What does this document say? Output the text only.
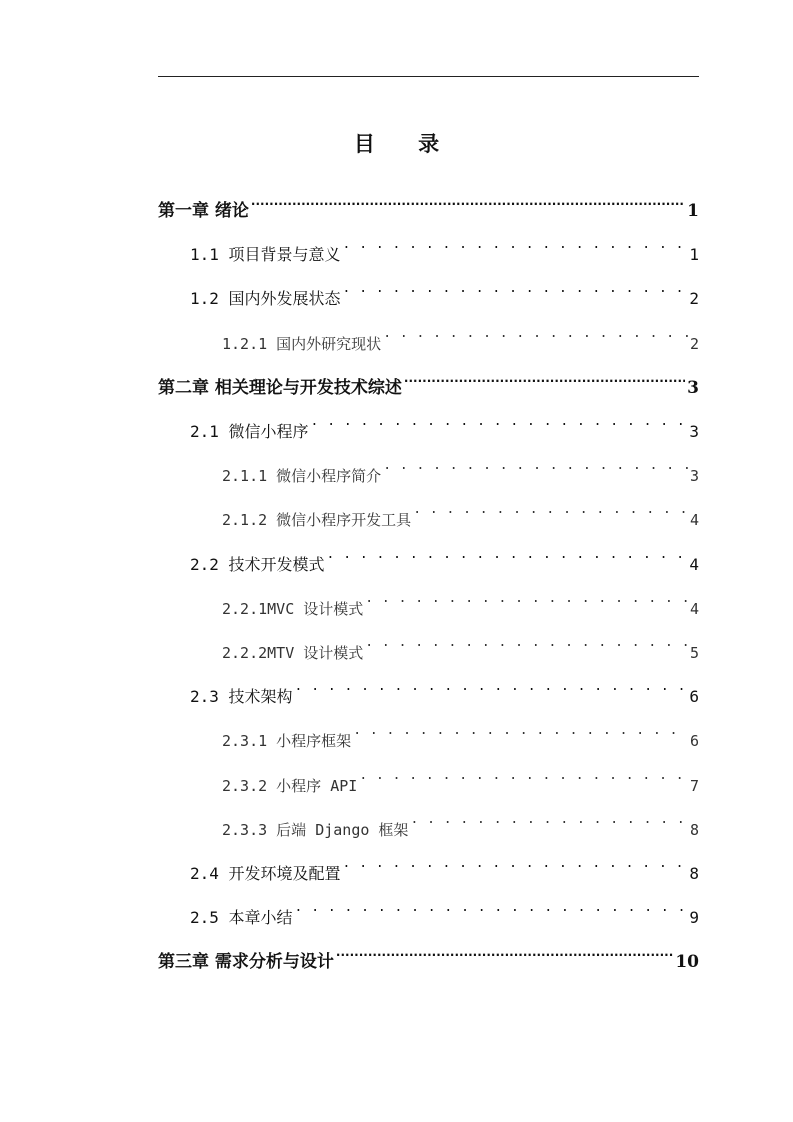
目 录
第一章 绪论 .....	1
1.1 项目背景与意义 . . .	1
1.2 国内外发展状态 . . .	2
1.2.1 国内外研究现状 . . .	2
第二章 相关理论与开发技术综述 .....	3
2.1 微信小程序 . . .	3
2.1.1 微信小程序简介 . . .	3
2.1.2 微信小程序开发工具 . . .	4
2.2 技术开发模式 . . .	4
2.2.1MVC 设计模式 . . .	4
2.2.2MTV 设计模式 . . .	5
2.3 技术架构 . . .	6
2.3.1 小程序框架 . . .	6
2.3.2 小程序 API . . .	7
2.3.3 后端 Django 框架 . . .	8
2.4 开发环境及配置 . . .	8
2.5 本章小结 . . .	9
第三章 需求分析与设计 .....	10
